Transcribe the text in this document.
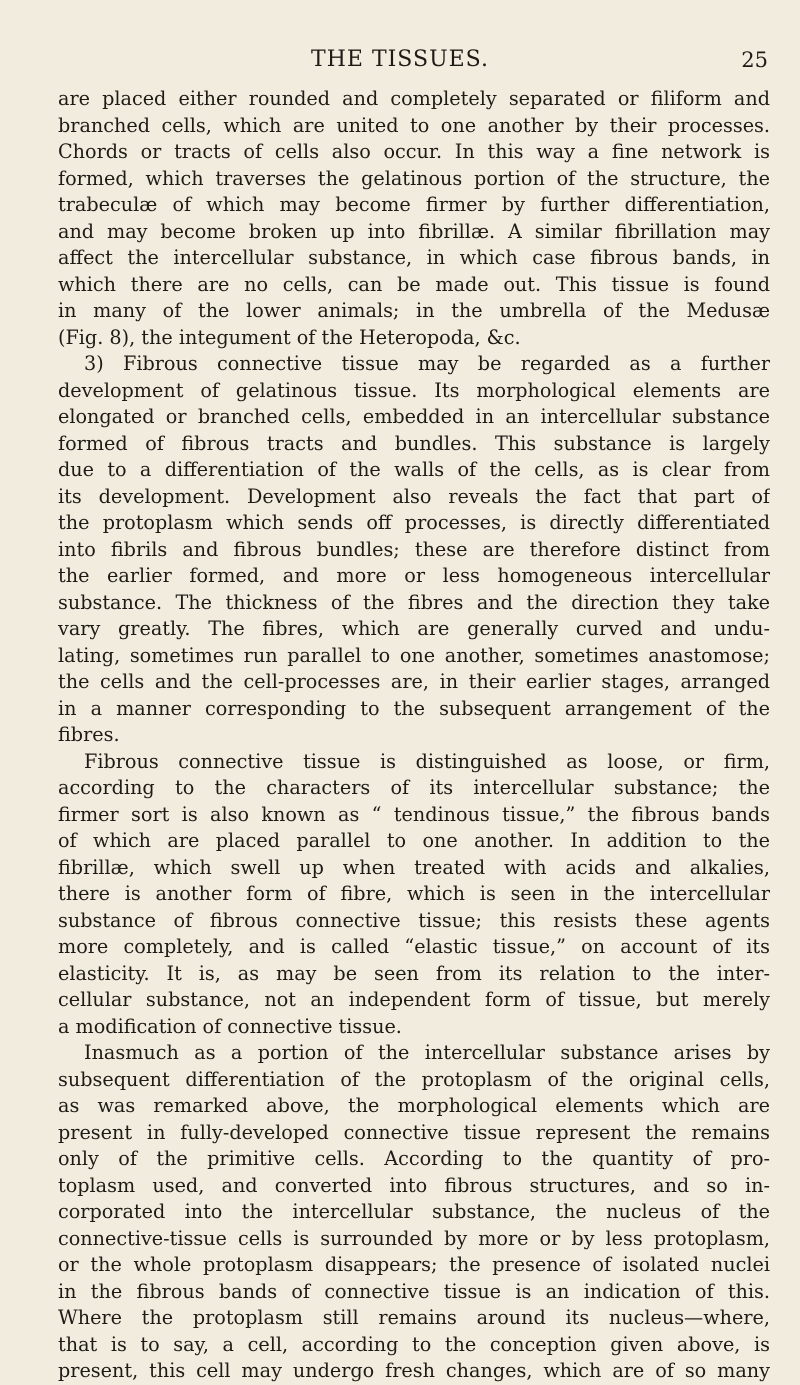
THE TISSUES.	25
are placed either rounded and completely separated or filiform and
branched cells, which are united to one another by their processes.
Chords or tracts of cells also occur. In this way a fine network is
formed, which traverses the gelatinous portion of the structure, the
trabeculæ of which may become firmer by further differentiation,
and may become broken up into fibrillæ. A similar fibrillation may
affect the intercellular substance, in which case fibrous bands, in
which there are no cells, can be made out. This tissue is found
in many of the lower animals; in the umbrella of the Medusæ
(Fig. 8), the integument of the Heteropoda, &c.
3) Fibrous connective tissue may be regarded as a further
development of gelatinous tissue. Its morphological elements are
elongated or branched cells, embedded in an intercellular substance
formed of fibrous tracts and bundles. This substance is largely
due to a differentiation of the walls of the cells, as is clear from
its development. Development also reveals the fact that part of
the protoplasm which sends off processes, is directly differentiated
into fibrils and fibrous bundles; these are therefore distinct from
the earlier formed, and more or less homogeneous intercellular
substance. The thickness of the fibres and the direction they take
vary greatly. The fibres, which are generally curved and undu-
lating, sometimes run parallel to one another, sometimes anastomose;
the cells and the cell-processes are, in their earlier stages, arranged
in a manner corresponding to the subsequent arrangement of the
fibres.
Fibrous connective tissue is distinguished as loose, or firm,
according to the characters of its intercellular substance; the
firmer sort is also known as “ tendinous tissue,” the fibrous bands
of which are placed parallel to one another. In addition to the
fibrillæ, which swell up when treated with acids and alkalies,
there is another form of fibre, which is seen in the intercellular
substance of fibrous connective tissue; this resists these agents
more completely, and is called “elastic tissue,” on account of its
elasticity. It is, as may be seen from its relation to the inter-
cellular substance, not an independent form of tissue, but merely
a modification of connective tissue.
Inasmuch as a portion of the intercellular substance arises by
subsequent differentiation of the protoplasm of the original cells,
as was remarked above, the morphological elements which are
present in fully-developed connective tissue represent the remains
only of the primitive cells. According to the quantity of pro-
toplasm used, and converted into fibrous structures, and so in-
corporated into the intercellular substance, the nucleus of the
connective-tissue cells is surrounded by more or by less protoplasm,
or the whole protoplasm disappears; the presence of isolated nuclei
in the fibrous bands of connective tissue is an indication of this.
Where the protoplasm still remains around its nucleus—where,
that is to say, a cell, according to the conception given above, is
present, this cell may undergo fresh changes, which are of so many
